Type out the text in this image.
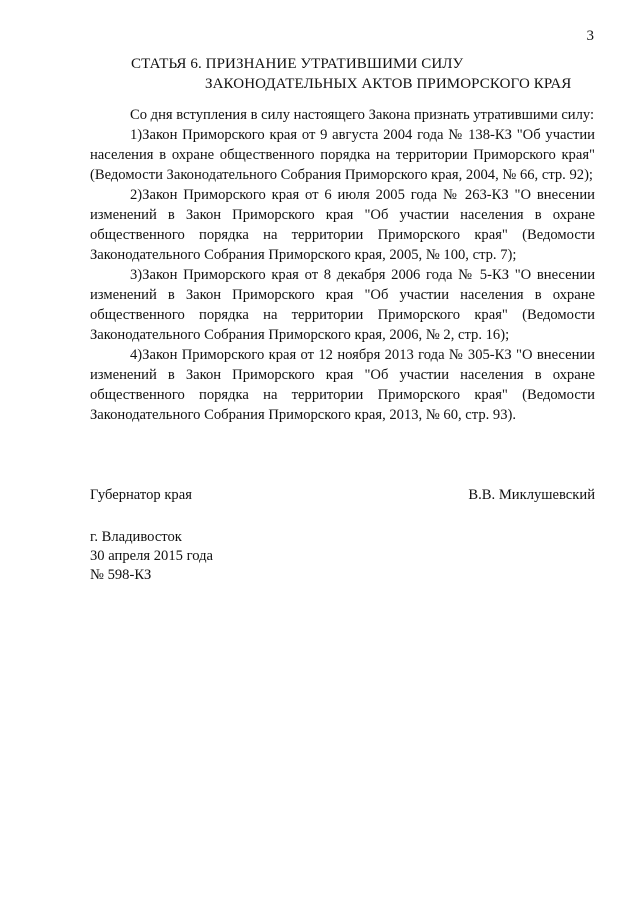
3
СТАТЬЯ 6. ПРИЗНАНИЕ УТРАТИВШИМИ СИЛУ
ЗАКОНОДАТЕЛЬНЫХ АКТОВ ПРИМОРСКОГО КРАЯ

Со дня вступления в силу настоящего Закона признать утратившими силу:

1)Закон Приморского края от 9 августа 2004 года № 138-КЗ "Об участии населения в охране общественного порядка на территории Приморского края" (Ведомости Законодательного Собрания Приморского края, 2004, № 66, стр. 92);

2)Закон Приморского края от 6 июля 2005 года № 263-КЗ "О внесении изменений в Закон Приморского края "Об участии населения в охране общественного порядка на территории Приморского края" (Ведомости Законодательного Собрания Приморского края, 2005, № 100, стр. 7);

3)Закон Приморского края от 8 декабря 2006 года № 5-КЗ "О внесении изменений в Закон Приморского края "Об участии населения в охране общественного порядка на территории Приморского края" (Ведомости Законодательного Собрания Приморского края, 2006, № 2, стр. 16);

4)Закон Приморского края от 12 ноября 2013 года № 305-КЗ "О внесении изменений в Закон Приморского края "Об участии населения в охране общественного порядка на территории Приморского края" (Ведомости Законодательного Собрания Приморского края, 2013, № 60, стр. 93).

Губернатор края	В.В. Миклушевский
г. Владивосток
30 апреля 2015 года
№ 598-КЗ
